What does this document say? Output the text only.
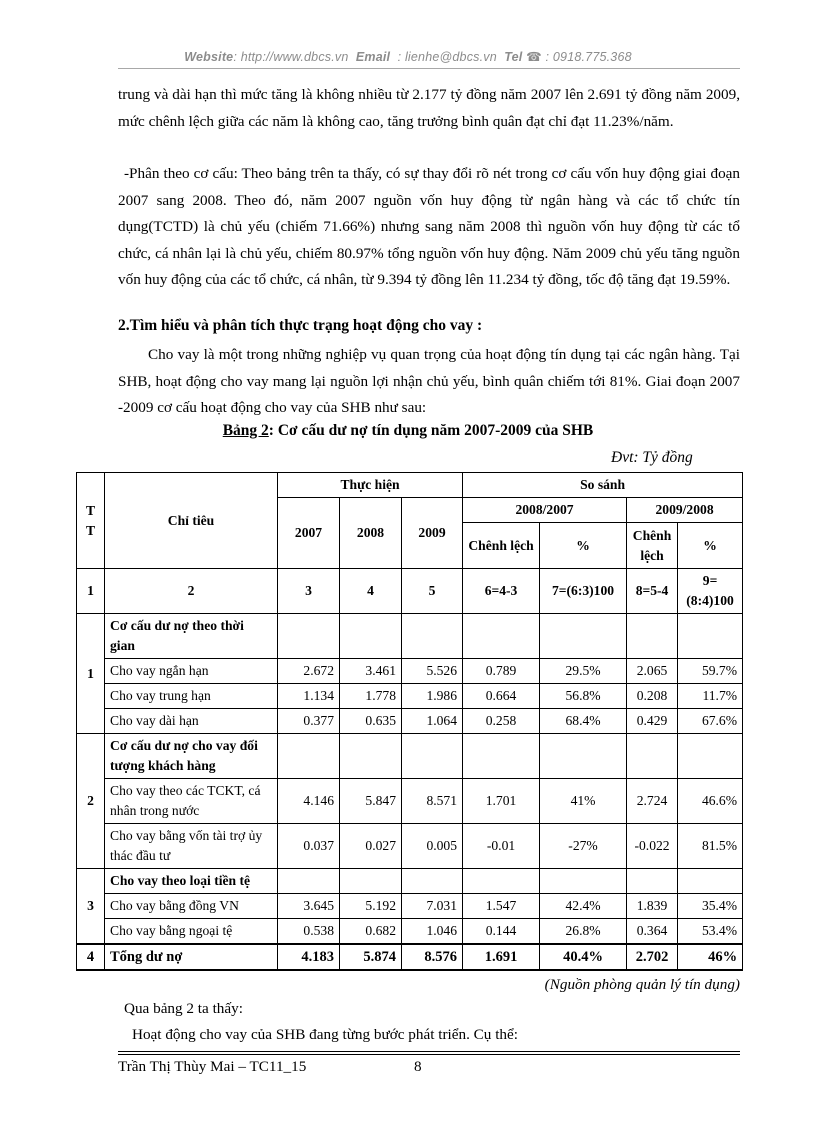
Website: http://www.dbcs.vn Email  : lienhe@dbcs.vn Tel ☎ : 0918.775.368

trung và dài hạn thì mức tăng là không nhiều từ 2.177 tỷ đồng năm 2007 lên 2.691 tỷ đồng năm 2009, mức chênh lệch giữa các năm là không cao, tăng trưởng bình quân đạt chỉ đạt 11.23%/năm.

-Phân theo cơ cấu: Theo bảng trên ta thấy, có sự thay đổi rõ nét trong cơ cấu vốn huy động giai đoạn 2007 sang 2008. Theo đó, năm 2007 nguồn vốn huy động từ ngân hàng và các tổ chức tín dụng(TCTD) là chủ yếu (chiếm 71.66%) nhưng sang năm 2008 thì nguồn vốn huy động từ các tổ chức, cá nhân lại là chủ yếu, chiếm 80.97% tổng nguồn vốn huy động. Năm 2009 chủ yếu tăng nguồn vốn huy động của các tổ chức, cá nhân, từ 9.394 tỷ đồng lên 11.234 tỷ đồng, tốc độ tăng đạt 19.59%.

2.Tìm hiểu và phân tích thực trạng hoạt động cho vay :

Cho vay là một trong những nghiệp vụ quan trọng của hoạt động tín dụng tại các ngân hàng. Tại SHB, hoạt động cho vay mang lại nguồn lợi nhận chủ yếu, bình quân chiếm tới 81%. Giai đoạn 2007 -2009 cơ cấu hoạt động cho vay của SHB như sau:

Bảng 2: Cơ cấu dư nợ tín dụng năm 2007-2009 của SHB
Đvt: Tỷ đồng
T T	Chỉ tiêu	Thực hiện			So sánh			
		2007	2008	2009	2008/2007		2009/2008	
					Chênh lệch	%	Chênh lệch	%
1	2	3	4	5	6=4-3	7=(6:3)100	8=5-4	9=(8:4)100
1	Cơ cấu dư nợ theo thời gian							
	Cho vay ngắn hạn	2.672	3.461	5.526	0.789	29.5%	2.065	59.7%
	Cho vay trung hạn	1.134	1.778	1.986	0.664	56.8%	0.208	11.7%
	Cho vay dài hạn	0.377	0.635	1.064	0.258	68.4%	0.429	67.6%
2	Cơ cấu dư nợ cho vay đối tượng khách hàng							
	Cho vay theo các TCKT, cá nhân trong nước	4.146	5.847	8.571	1.701	41%	2.724	46.6%
	Cho vay bằng vốn tài trợ ủy thác đầu tư	0.037	0.027	0.005	-0.01	-27%	-0.022	81.5%
3	Cho vay theo loại tiền tệ							
	Cho vay bằng đồng VN	3.645	5.192	7.031	1.547	42.4%	1.839	35.4%
	Cho vay bằng ngoại tệ	0.538	0.682	1.046	0.144	26.8%	0.364	53.4%
4	Tổng dư nợ	4.183	5.874	8.576	1.691	40.4%	2.702	46%
(Nguồn phòng quản lý tín dụng)

Qua bảng 2 ta thấy:

Hoạt động cho vay của SHB đang từng bước phát triển. Cụ thể:

Trần Thị Thùy Mai – TC11_15	8
